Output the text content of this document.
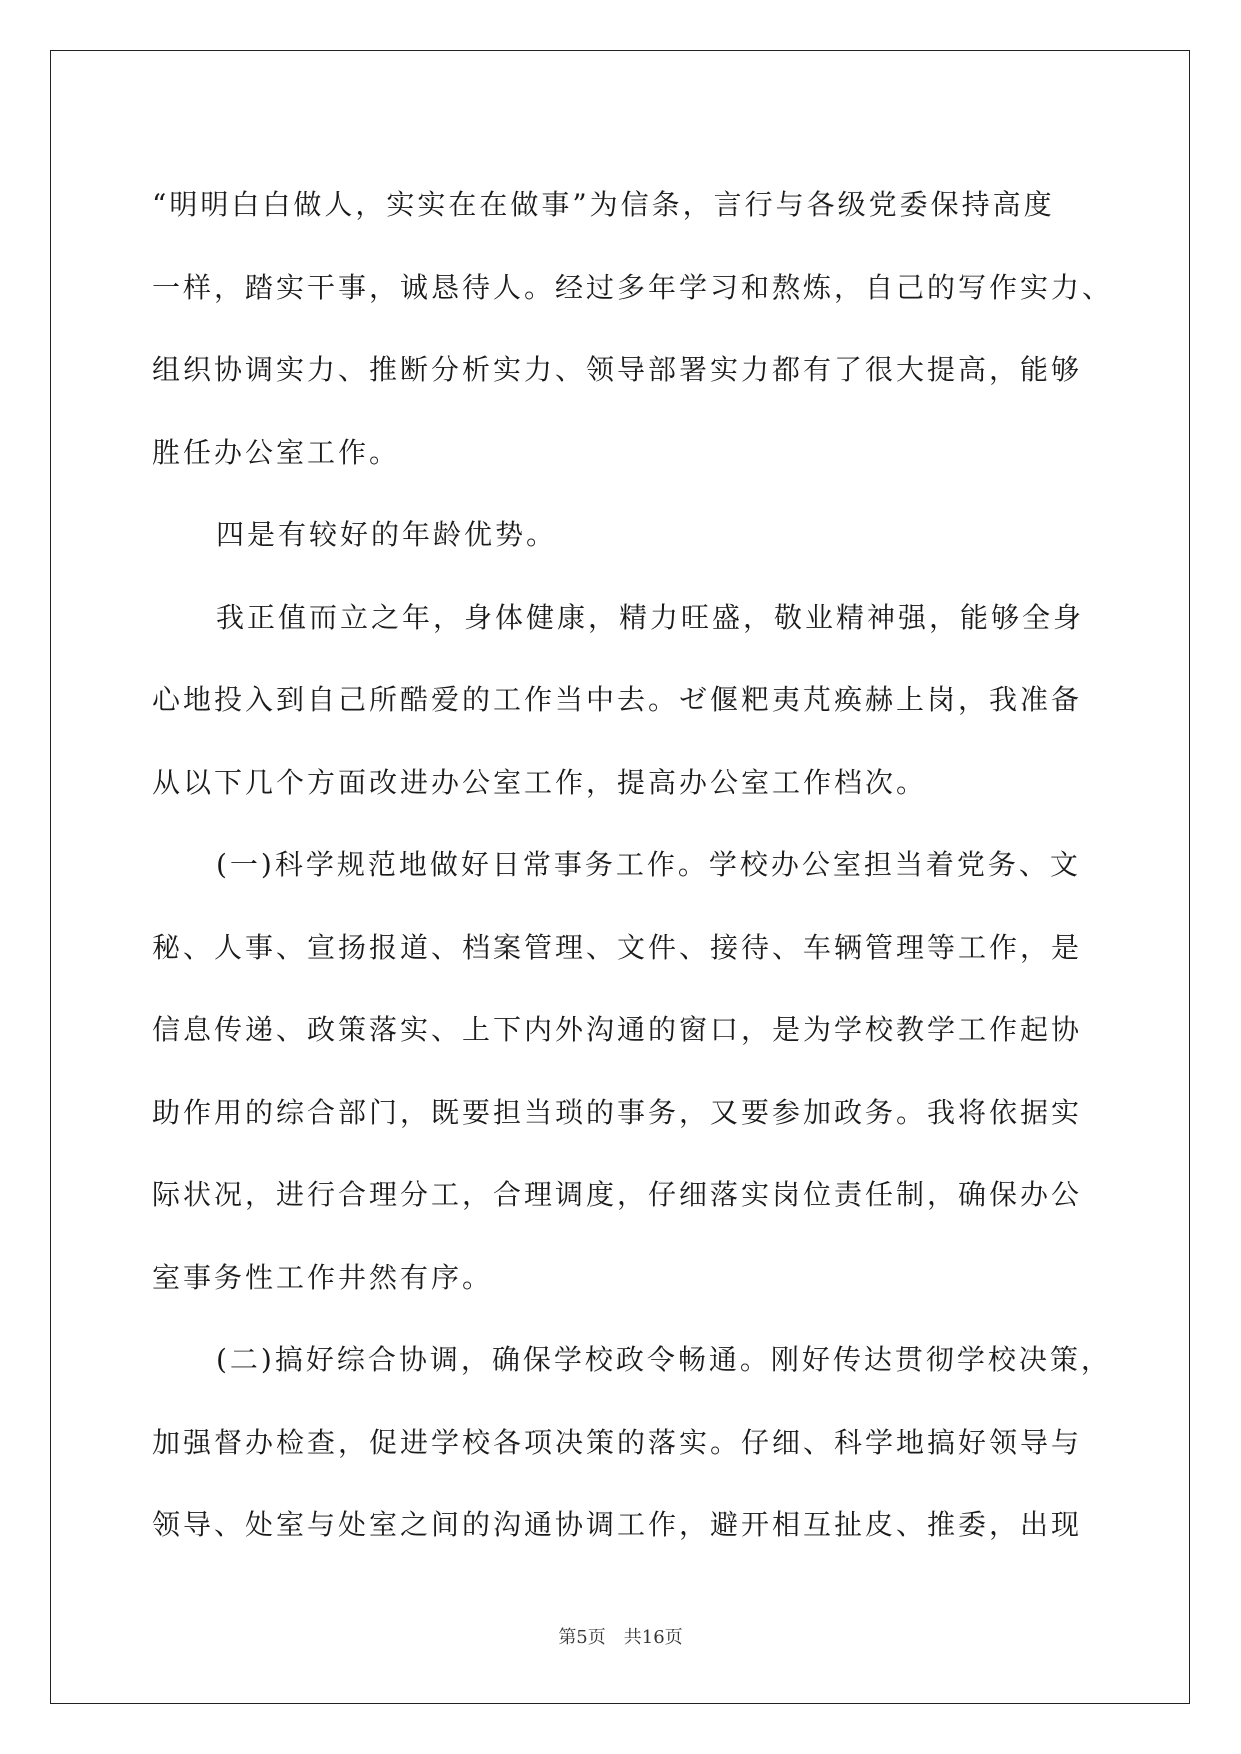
“明明白白做人，实实在在做事”为信条，言行与各级党委保持高度
一样，踏实干事，诚恳待人。经过多年学习和熬炼，自己的写作实力、
组织协调实力、推断分析实力、领导部署实力都有了很大提高，能够
胜任办公室工作。
四是有较好的年龄优势。
我正值而立之年，身体健康，精力旺盛，敬业精神强，能够全身
心地投入到自己所酷爱的工作当中去。ゼ偃粑夷芃痪赫上岗，我准备
从以下几个方面改进办公室工作，提高办公室工作档次。
(一)科学规范地做好日常事务工作。学校办公室担当着党务、文
秘、人事、宣扬报道、档案管理、文件、接待、车辆管理等工作，是
信息传递、政策落实、上下内外沟通的窗口，是为学校教学工作起协
助作用的综合部门，既要担当琐的事务，又要参加政务。我将依据实
际状况，进行合理分工，合理调度，仔细落实岗位责任制，确保办公
室事务性工作井然有序。
(二)搞好综合协调，确保学校政令畅通。刚好传达贯彻学校决策，
加强督办检查，促进学校各项决策的落实。仔细、科学地搞好领导与
领导、处室与处室之间的沟通协调工作，避开相互扯皮、推委，出现
第5页 共16页
